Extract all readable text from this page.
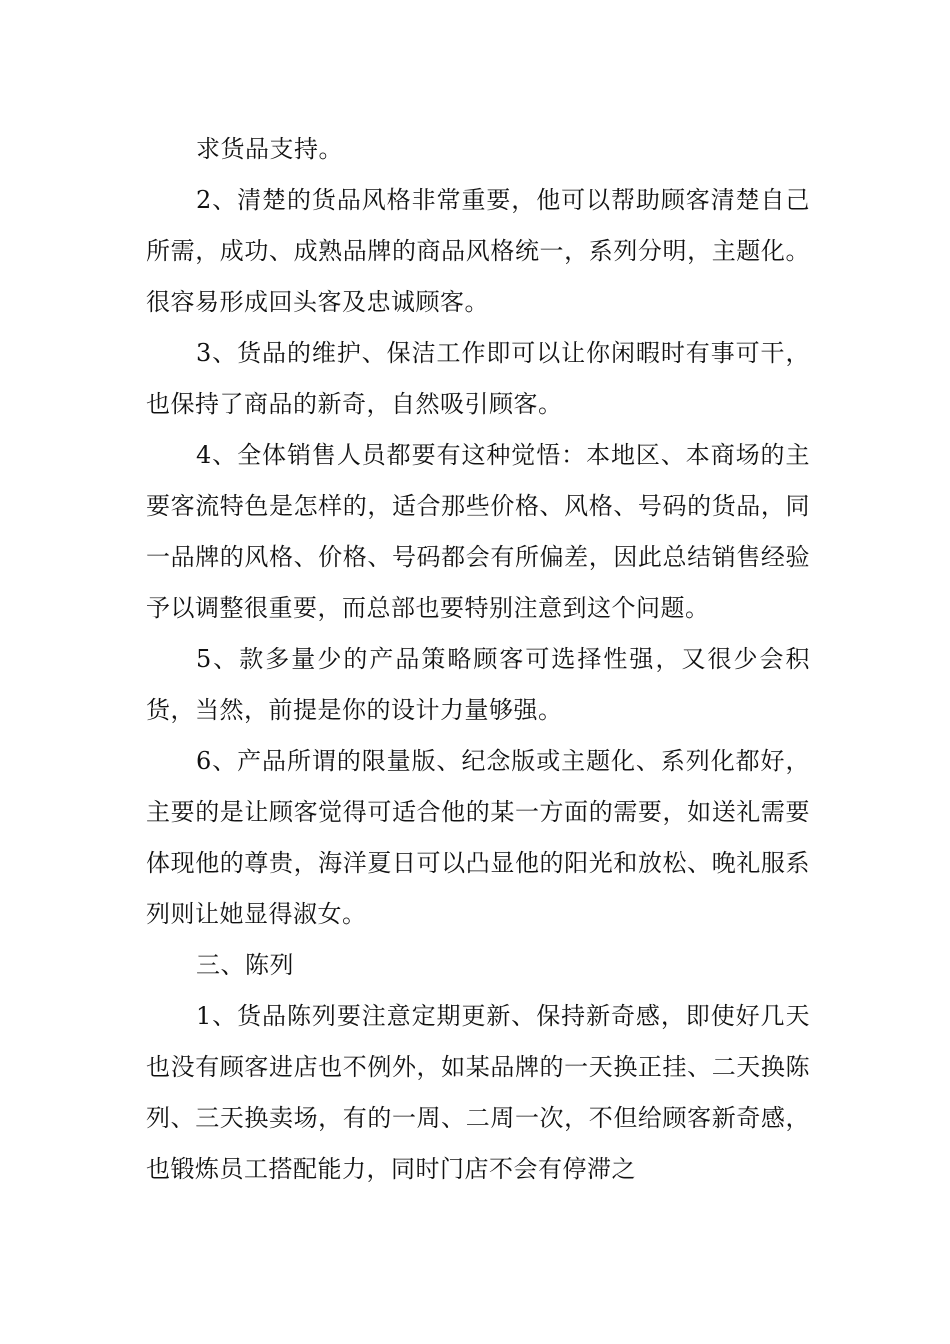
求货品支持。

2、清楚的货品风格非常重要，他可以帮助顾客清楚自己所需，成功、成熟品牌的商品风格统一，系列分明，主题化。很容易形成回头客及忠诚顾客。

3、货品的维护、保洁工作即可以让你闲暇时有事可干，也保持了商品的新奇，自然吸引顾客。

4、全体销售人员都要有这种觉悟：本地区、本商场的主要客流特色是怎样的，适合那些价格、风格、号码的货品，同一品牌的风格、价格、号码都会有所偏差，因此总结销售经验予以调整很重要，而总部也要特别注意到这个问题。

5、款多量少的产品策略顾客可选择性强，又很少会积货，当然，前提是你的设计力量够强。

6、产品所谓的限量版、纪念版或主题化、系列化都好，主要的是让顾客觉得可适合他的某一方面的需要，如送礼需要体现他的尊贵，海洋夏日可以凸显他的阳光和放松、晚礼服系列则让她显得淑女。

三、陈列

1、货品陈列要注意定期更新、保持新奇感，即使好几天也没有顾客进店也不例外，如某品牌的一天换正挂、二天换陈列、三天换卖场，有的一周、二周一次，不但给顾客新奇感，也锻炼员工搭配能力，同时门店不会有停滞之
